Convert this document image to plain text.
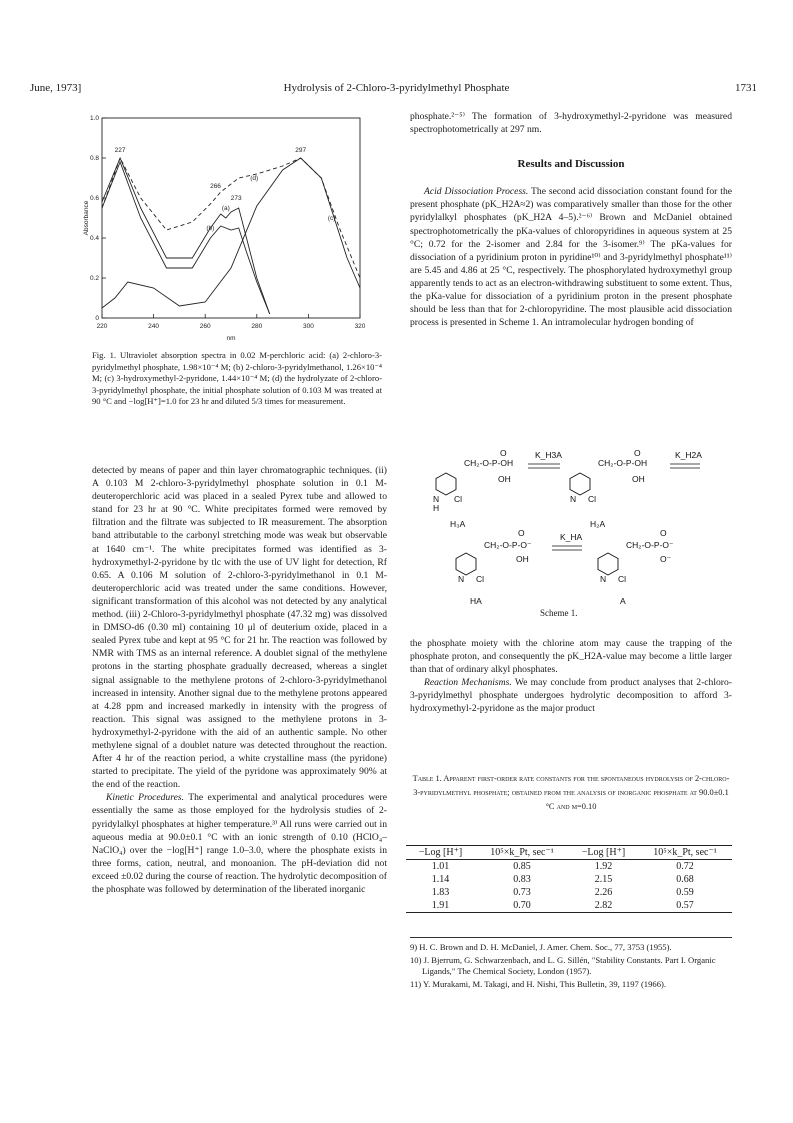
June, 1973]	Hydrolysis of 2-Chloro-3-pyridylmethyl Phosphate	1731
220	240	260	280	300	320
0
0.2
0.4
0.6
0.8
1.0
nm
Absorbance
227	297
266
273
(d)
(a)
(b)
(c)
Fig. 1. Ultraviolet absorption spectra in 0.02 M-perchloric acid: (a) 2-chloro-3-pyridylmethyl phosphate, 1.98×10⁻⁴ M; (b) 2-chloro-3-pyridylmethanol, 1.26×10⁻⁴ M; (c) 3-hydroxymethyl-2-pyridone, 1.44×10⁻⁴ M; (d) the hydrolyzate of 2-chloro-3-pyridylmethyl phosphate, the initial phosphate solution of 0.103 M was treated at 90 °C and −log[H⁺]=1.0 for 23 hr and diluted 5/3 times for measurement.

detected by means of paper and thin layer chromatographic techniques. (ii) A 0.103 M 2-chloro-3-pyridylmethyl phosphate solution in 0.1 M-deuteroperchloric acid was placed in a sealed Pyrex tube and allowed to stand for 23 hr at 90 °C. White precipitates formed were removed by filtration and the filtrate was subjected to IR measurement. The absorption band attributable to the carbonyl stretching mode was weak but observable at 1640 cm⁻¹. The white precipitates formed was identified as 3-hydroxymethyl-2-pyridone by tlc with the use of UV light for detection, Rf 0.65. A 0.106 M solution of 2-chloro-3-pyridylmethanol in 0.1 M-deuteroperchloric acid was treated under the same conditions. However, significant transformation of this alcohol was not detected by any analytical method. (iii) 2-Chloro-3-pyridylmethyl phosphate (47.32 mg) was dissolved in DMSO-d6 (0.30 ml) containing 10 μl of deuterium oxide, placed in a sealed Pyrex tube and kept at 95 °C for 21 hr. The reaction was followed by NMR with TMS as an internal reference. A doublet signal of the methylene protons in the starting phosphate gradually decreased, whereas a singlet signal assignable to the methylene protons of 2-chloro-3-pyridylmethanol increased in intensity. Another signal due to the methylene protons appeared at 4.28 ppm and increased markedly in intensity with the progress of reaction. This signal was assigned to the methylene protons in 3-hydroxymethyl-2-pyridone with the aid of an authentic sample. No other methylene signal of a doublet nature was detected throughout the reaction. After 4 hr of the reaction period, a white crystalline mass (the pyridone) started to precipitate. The yield of the pyridone was approximately 90% at the end of the reaction.

Kinetic Procedures. The experimental and analytical procedures were essentially the same as those employed for the hydrolysis studies of 2-pyridylalkyl phosphates at higher temperature.³⁾ All runs were carried out in aqueous media at 90.0±0.1 °C with an ionic strength of 0.10 (HClO₄–NaClO₄) over the −log[H⁺] range 1.0–3.0, where the phosphate exists in three forms, cation, neutral, and monoanion. The pH-deviation did not exceed ±0.02 during the course of reaction. The hydrolytic decomposition of the phosphate was followed by determination of the liberated inorganic

phosphate.²⁻⁵⁾ The formation of 3-hydroxymethyl-2-pyridone was measured spectrophotometrically at 297 nm.

Results and Discussion

Acid Dissociation Process. The second acid dissociation constant found for the present phosphate (pK_H2A≈2) was comparatively smaller than those for the other pyridylalkyl phosphates (pK_H2A 4–5).²⁻⁶⁾ Brown and McDaniel obtained spectrophotometrically the pKa-values of chloropyridines in aqueous system at 25 °C; 0.72 for the 2-isomer and 2.84 for the 3-isomer.⁹⁾ The pKa-values for dissociation of a pyridinium proton in pyridine¹⁰⁾ and 3-pyridylmethyl phosphate¹¹⁾ are 5.45 and 4.86 at 25 °C, respectively. The phosphorylated hydroxymethyl group apparently tends to act as an electron-withdrawing substituent to some extent. Thus, the pKa-value for dissociation of a pyridinium proton in the present phosphate should be less than that for 2-chloropyridine. The most plausible acid dissociation process is presented in Scheme 1. An intramolecular hydrogen bonding of

CH₂-O-P-OH
O
OH
N Cl
H
H₃A
K_H3A
CH₂-O-P-OH
O
OH
N Cl
H₂A
K_H2A
CH₂-O-P-O⁻
O
OH
N Cl
HA
K_HA
CH₂-O-P-O⁻
O
O⁻
N Cl
A
Scheme 1.

the phosphate moiety with the chlorine atom may cause the trapping of the phosphate proton, and consequently the pK_H2A-value may become a little larger than that of ordinary alkyl phosphates.

Reaction Mechanisms. We may conclude from product analyses that 2-chloro-3-pyridylmethyl phosphate undergoes hydrolytic decomposition to afford 3-hydroxymethyl-2-pyridone as the major product

Table 1. Apparent first-order rate constants for the spontaneous hydrolysis of 2-chloro-3-pyridylmethyl phosphate; obtained from the analysis of inorganic phosphate at 90.0±0.1 °C and μ=0.10
−Log [H⁺]	10⁵×k_Pt, sec⁻¹	−Log [H⁺]	10⁵×k_Pt, sec⁻¹
1.01	0.85	1.92	0.72
1.14	0.83	2.15	0.68
1.83	0.73	2.26	0.59
1.91	0.70	2.82	0.57

9) H. C. Brown and D. H. McDaniel, J. Amer. Chem. Soc., 77, 3753 (1955).

10) J. Bjerrum, G. Schwarzenbach, and L. G. Sillén, "Stability Constants. Part I. Organic Ligands," The Chemical Society, London (1957).

11) Y. Murakami, M. Takagi, and H. Nishi, This Bulletin, 39, 1197 (1966).
